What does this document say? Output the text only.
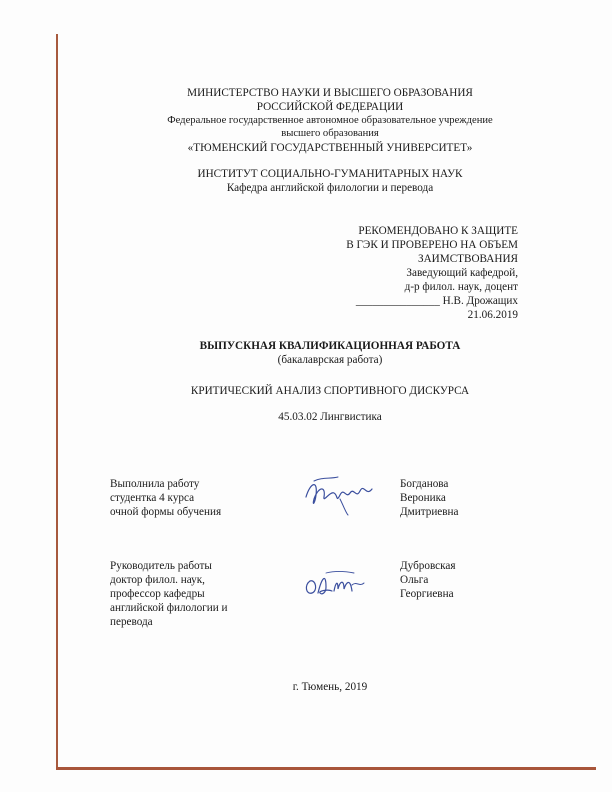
МИНИСТЕРСТВО НАУКИ И ВЫСШЕГО ОБРАЗОВАНИЯ
РОССИЙСКОЙ ФЕДЕРАЦИИ
Федеральное государственное автономное образовательное учреждение
высшего образования
«ТЮМЕНСКИЙ ГОСУДАРСТВЕННЫЙ УНИВЕРСИТЕТ»
ИНСТИТУТ СОЦИАЛЬНО-ГУМАНИТАРНЫХ НАУК
Кафедра английской филологии и перевода
РЕКОМЕНДОВАНО К ЗАЩИТЕ
В ГЭК И ПРОВЕРЕНО НА ОБЪЕМ
ЗАИМСТВОВАНИЯ
Заведующий кафедрой,
д-р филол. наук, доцент
_______________ Н.В. Дрожащих
21.06.2019
ВЫПУСКНАЯ КВАЛИФИКАЦИОННАЯ РАБОТА
(бакалаврская работа)
КРИТИЧЕСКИЙ АНАЛИЗ СПОРТИВНОГО ДИСКУРСА
45.03.02 Лингвистика
Выполнила работу
студентка 4 курса
очной формы обучения
Богданова
Вероника
Дмитриевна
Руководитель работы
доктор филол. наук,
профессор кафедры
английской филологии и
перевода
Дубровская
Ольга
Георгиевна
г. Тюмень, 2019
